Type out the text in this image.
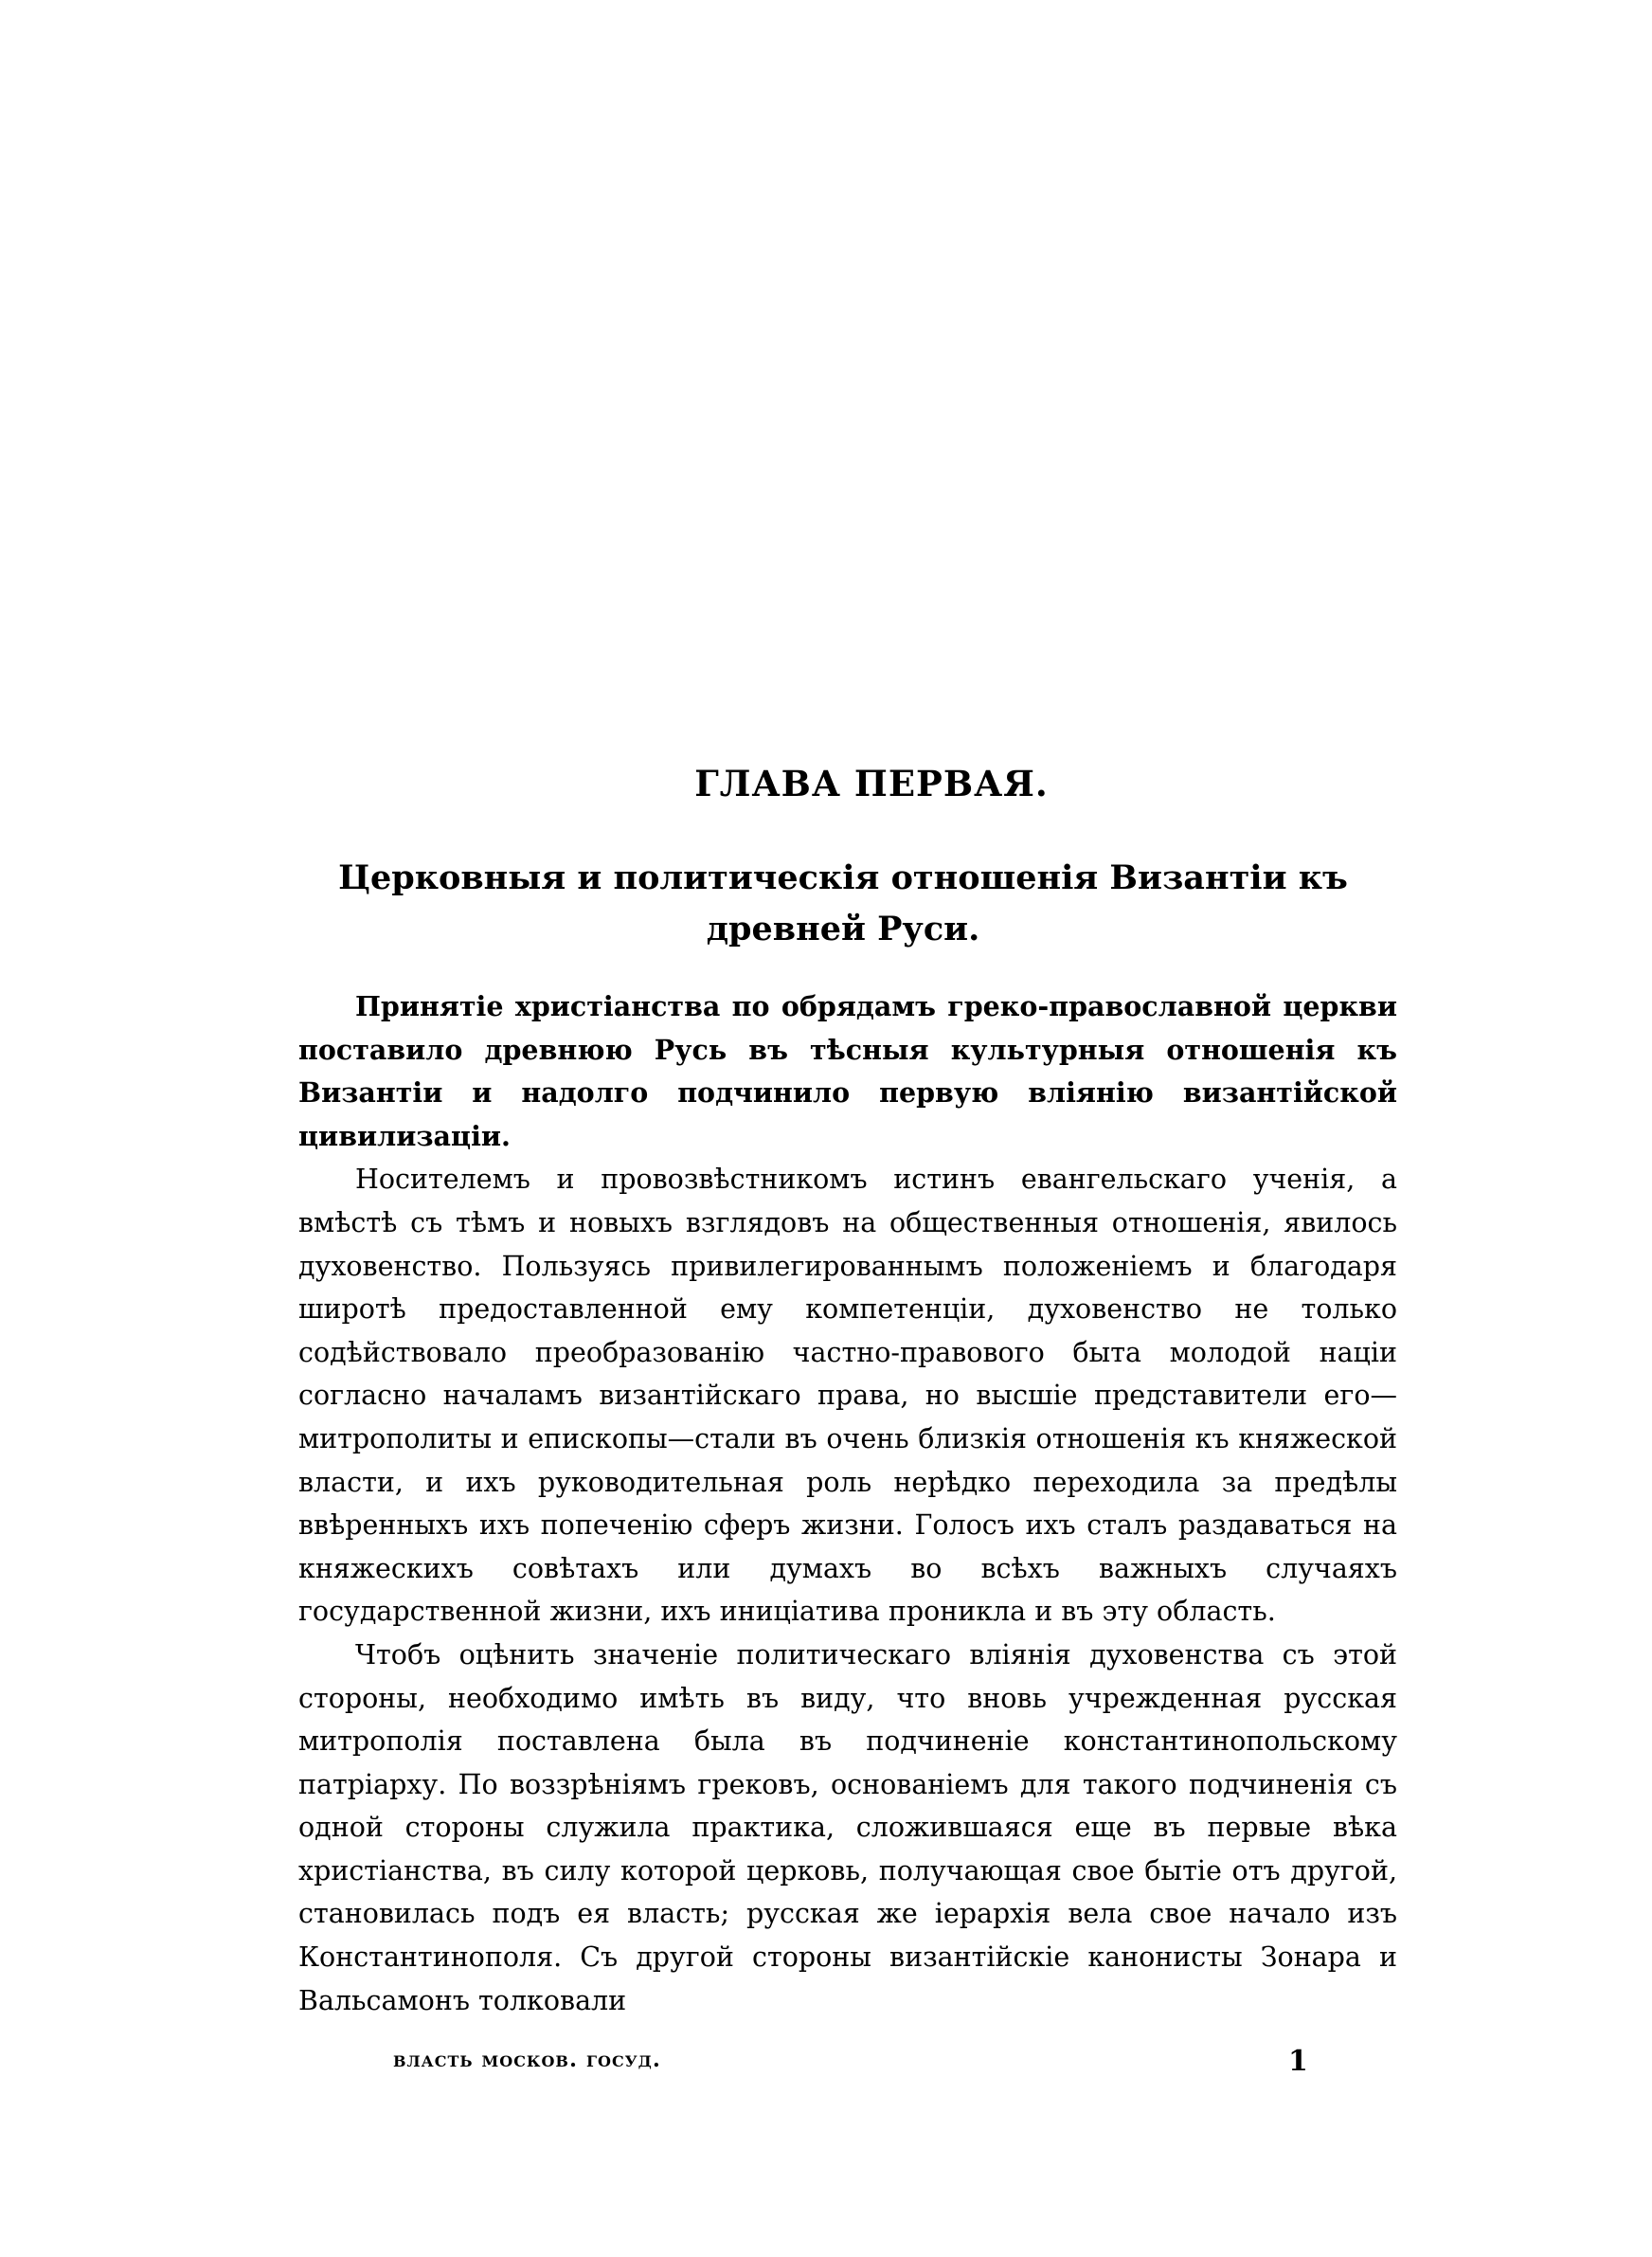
ГЛАВА ПЕРВАЯ.
Церковныя и политическія отношенія Византіи къ древней Руси.

Принятіе христіанства по обрядамъ греко-православной церкви поставило древнюю Русь въ тѣсныя культурныя отношенія къ Византіи и надолго подчинило первую вліянію византійской цивилизаціи.

Носителемъ и провозвѣстникомъ истинъ евангельскаго ученія, а вмѣстѣ съ тѣмъ и новыхъ взглядовъ на общественныя отношенія, явилось духовенство. Пользуясь привилегированнымъ положеніемъ и благодаря широтѣ предоставленной ему компетенціи, духовенство не только содѣйствовало преобразованію частно-правового быта молодой націи согласно началамъ византійскаго права, но высшіе представители его—митрополиты и епископы—стали въ очень близкія отношенія къ княжеской власти, и ихъ руководительная роль нерѣдко переходила за предѣлы ввѣренныхъ ихъ попеченію сферъ жизни. Голосъ ихъ сталъ раздаваться на княжескихъ совѣтахъ или думахъ во всѣхъ важныхъ случаяхъ государственной жизни, ихъ иниціатива проникла и въ эту область.

Чтобъ оцѣнить значеніе политическаго вліянія духовенства съ этой стороны, необходимо имѣть въ виду, что вновь учрежденная русская митрополія поставлена была въ подчиненіе константинопольскому патріарху. По воззрѣніямъ грековъ, основаніемъ для такого подчиненія съ одной стороны служила практика, сложившаяся еще въ первые вѣка христіанства, въ силу которой церковь, получающая свое бытіе отъ другой, становилась подъ ея власть; русская же іерархія вела свое начало изъ Константинополя. Съ другой стороны византійскіе канонисты Зонара и Вальсамонъ толковали

власть москов. госуд.	1
